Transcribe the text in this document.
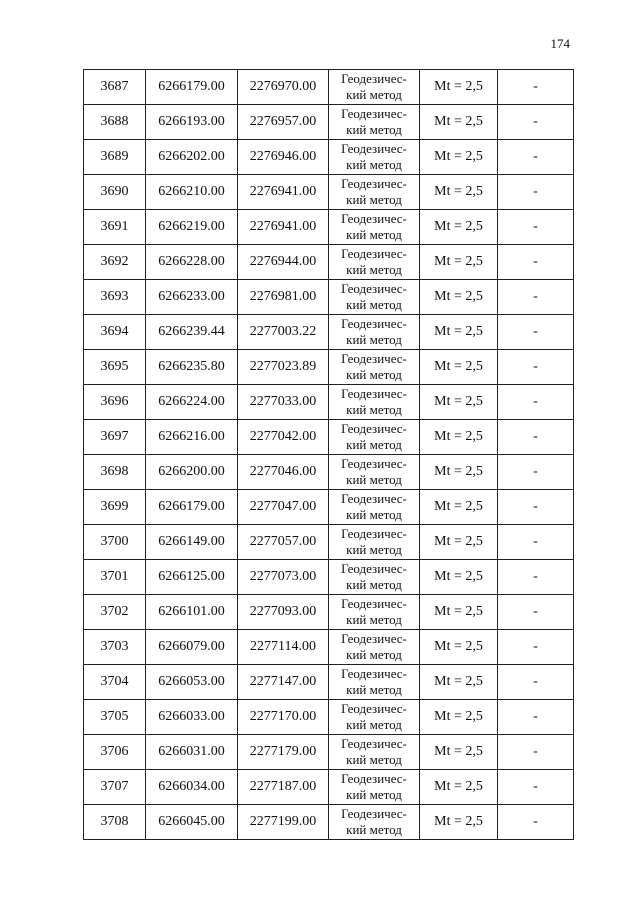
174
3687	6266179.00	2276970.00	Геодезичес-
кий метод	Mt = 2,5	-
3688	6266193.00	2276957.00	Геодезичес-
кий метод	Mt = 2,5	-
3689	6266202.00	2276946.00	Геодезичес-
кий метод	Mt = 2,5	-
3690	6266210.00	2276941.00	Геодезичес-
кий метод	Mt = 2,5	-
3691	6266219.00	2276941.00	Геодезичес-
кий метод	Mt = 2,5	-
3692	6266228.00	2276944.00	Геодезичес-
кий метод	Mt = 2,5	-
3693	6266233.00	2276981.00	Геодезичес-
кий метод	Mt = 2,5	-
3694	6266239.44	2277003.22	Геодезичес-
кий метод	Mt = 2,5	-
3695	6266235.80	2277023.89	Геодезичес-
кий метод	Mt = 2,5	-
3696	6266224.00	2277033.00	Геодезичес-
кий метод	Mt = 2,5	-
3697	6266216.00	2277042.00	Геодезичес-
кий метод	Mt = 2,5	-
3698	6266200.00	2277046.00	Геодезичес-
кий метод	Mt = 2,5	-
3699	6266179.00	2277047.00	Геодезичес-
кий метод	Mt = 2,5	-
3700	6266149.00	2277057.00	Геодезичес-
кий метод	Mt = 2,5	-
3701	6266125.00	2277073.00	Геодезичес-
кий метод	Mt = 2,5	-
3702	6266101.00	2277093.00	Геодезичес-
кий метод	Mt = 2,5	-
3703	6266079.00	2277114.00	Геодезичес-
кий метод	Mt = 2,5	-
3704	6266053.00	2277147.00	Геодезичес-
кий метод	Mt = 2,5	-
3705	6266033.00	2277170.00	Геодезичес-
кий метод	Mt = 2,5	-
3706	6266031.00	2277179.00	Геодезичес-
кий метод	Mt = 2,5	-
3707	6266034.00	2277187.00	Геодезичес-
кий метод	Mt = 2,5	-
3708	6266045.00	2277199.00	Геодезичес-
кий метод	Mt = 2,5	-
